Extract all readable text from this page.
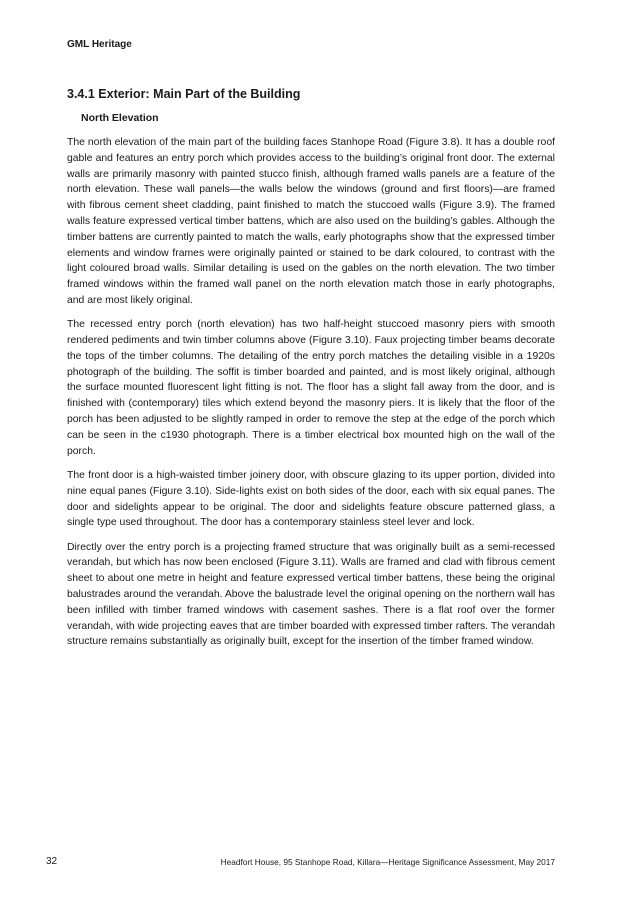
GML Heritage
3.4.1 Exterior: Main Part of the Building
North Elevation

The north elevation of the main part of the building faces Stanhope Road (Figure 3.8). It has a double roof gable and features an entry porch which provides access to the building’s original front door. The external walls are primarily masonry with painted stucco finish, although framed walls panels are a feature of the north elevation. These wall panels—the walls below the windows (ground and first floors)—are framed with fibrous cement sheet cladding, paint finished to match the stuccoed walls (Figure 3.9). The framed walls feature expressed vertical timber battens, which are also used on the building’s gables. Although the timber battens are currently painted to match the walls, early photographs show that the expressed timber elements and window frames were originally painted or stained to be dark coloured, to contrast with the light coloured broad walls. Similar detailing is used on the gables on the north elevation. The two timber framed windows within the framed wall panel on the north elevation match those in early photographs, and are most likely original.

The recessed entry porch (north elevation) has two half-height stuccoed masonry piers with smooth rendered pediments and twin timber columns above (Figure 3.10). Faux projecting timber beams decorate the tops of the timber columns. The detailing of the entry porch matches the detailing visible in a 1920s photograph of the building. The soffit is timber boarded and painted, and is most likely original, although the surface mounted fluorescent light fitting is not. The floor has a slight fall away from the door, and is finished with (contemporary) tiles which extend beyond the masonry piers. It is likely that the floor of the porch has been adjusted to be slightly ramped in order to remove the step at the edge of the porch which can be seen in the c1930 photograph. There is a timber electrical box mounted high on the wall of the porch.

The front door is a high-waisted timber joinery door, with obscure glazing to its upper portion, divided into nine equal panes (Figure 3.10). Side-lights exist on both sides of the door, each with six equal panes. The door and sidelights appear to be original. The door and sidelights feature obscure patterned glass, a single type used throughout. The door has a contemporary stainless steel lever and lock.

Directly over the entry porch is a projecting framed structure that was originally built as a semi-recessed verandah, but which has now been enclosed (Figure 3.11). Walls are framed and clad with fibrous cement sheet to about one metre in height and feature expressed vertical timber battens, these being the original balustrades around the verandah. Above the balustrade level the original opening on the northern wall has been infilled with timber framed windows with casement sashes. There is a flat roof over the former verandah, with wide projecting eaves that are timber boarded with expressed timber rafters. The verandah structure remains substantially as originally built, except for the insertion of the timber framed window.

32	Headfort House, 95 Stanhope Road, Killara—Heritage Significance Assessment, May 2017
